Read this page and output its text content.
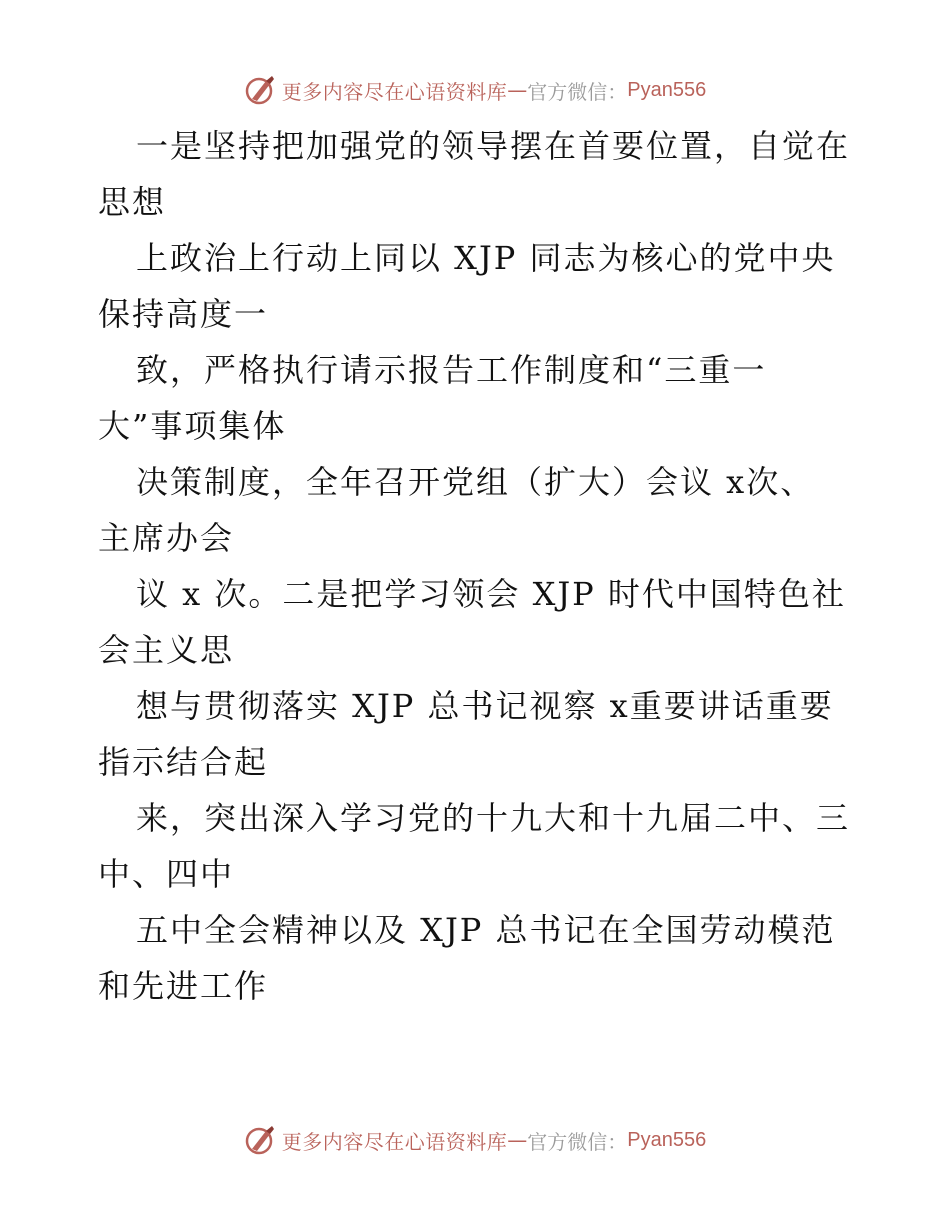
更多内容尽在心语资料库 — 官方微信： Pyan556
一是坚持把加强党的领导摆在首要位置，自觉在
思想
上政治上行动上同以 XJP 同志为核心的党中央
保持高度一
致，严格执行请示报告工作制度和“三重一
大”事项集体
决策制度，全年召开党组（扩大）会议 x次、
主席办会
议 x 次。二是把学习领会 XJP 时代中国特色社
会主义思
想与贯彻落实 XJP 总书记视察 x重要讲话重要
指示结合起
来，突出深入学习党的十九大和十九届二中、三
中、四中
五中全会精神以及 XJP 总书记在全国劳动模范
和先进工作
更多内容尽在心语资料库 — 官方微信： Pyan556
